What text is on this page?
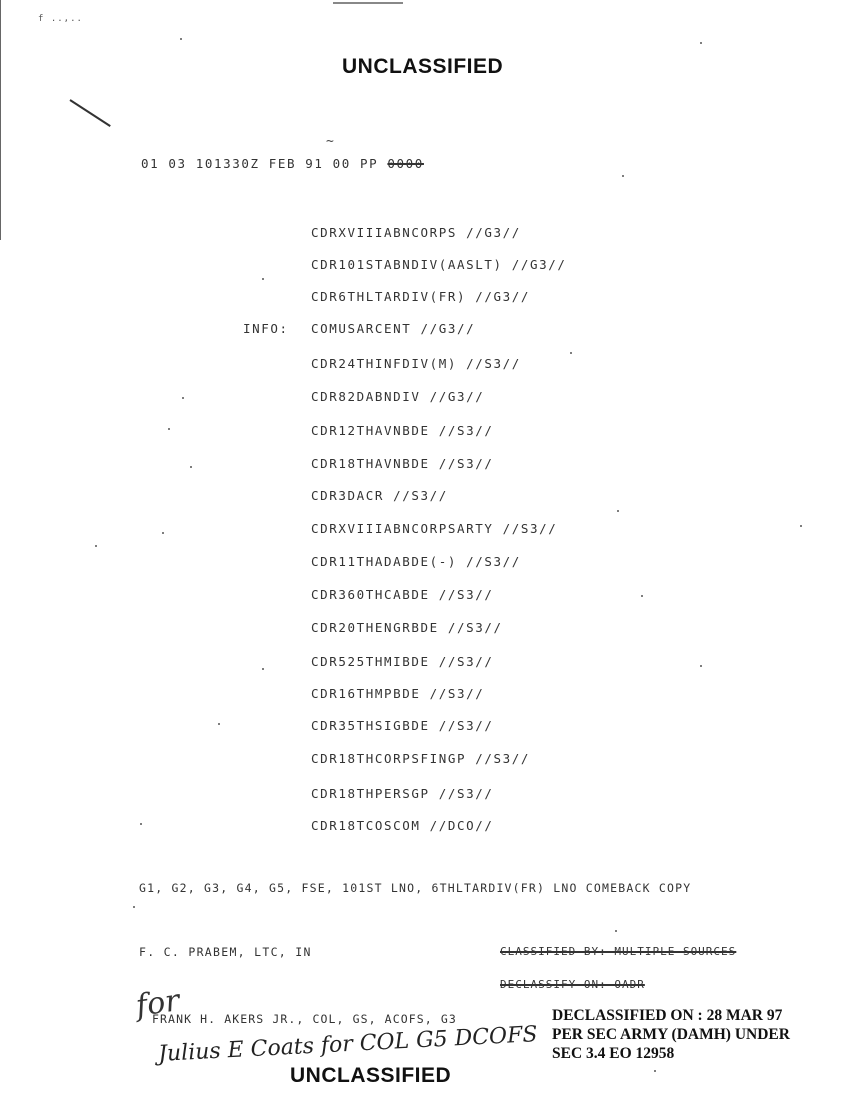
f ..,..
~
UNCLASSIFIED
01 03 101330Z FEB 91 00 PP 0000
CDRXVIIIABNCORPS //G3//
CDR101STABNDIV(AASLT) //G3//
CDR6THLTARDIV(FR) //G3//
INFO: COMUSARCENT //G3//
CDR24THINFDIV(M) //S3//
CDR82DABNDIV //G3//
CDR12THAVNBDE //S3//
CDR18THAVNBDE //S3//
CDR3DACR //S3//
CDRXVIIIABNCORPSARTY //S3//
CDR11THADABDE(-) //S3//
CDR360THCABDE //S3//
CDR20THENGRBDE //S3//
CDR525THMIBDE //S3//
CDR16THMPBDE //S3//
CDR35THSIGBDE //S3//
CDR18THCORPSFINGP //S3//
CDR18THPERSGP //S3//
CDR18TCOSCOM //DCO//
G1, G2, G3, G4, G5, FSE, 101ST LNO, 6THLTARDIV(FR) LNO COMEBACK COPY
F. C. PRABEM, LTC, IN	CLASSIFIED BY: MULTIPLE SOURCES
DECLASSIFY ON: OADR
for
FRANK H. AKERS JR., COL, GS, ACOFS, G3
Julius E Coats for COL G5 DCOFS
DECLASSIFIED ON : 28 MAR 97
PER SEC ARMY (DAMH) UNDER
SEC 3.4 EO 12958
UNCLASSIFIED
